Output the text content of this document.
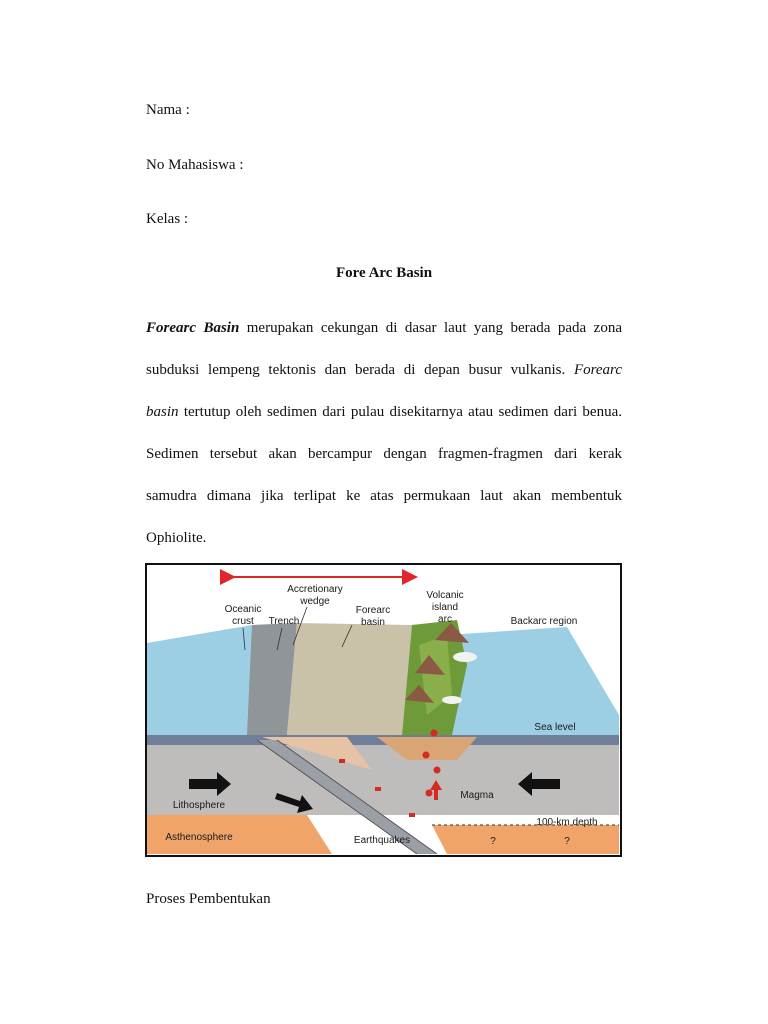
Nama :
No Mahasiswa :
Kelas :
Fore Arc Basin
Forearc Basin merupakan cekungan di dasar laut yang berada pada zona
subduksi lempeng tektonis dan berada di depan busur vulkanis. Forearc
basin tertutup oleh sedimen dari pulau disekitarnya atau sedimen dari benua.
Sedimen tersebut akan bercampur dengan fragmen-fragmen dari kerak
samudra dimana jika terlipat ke atas permukaan laut akan membentuk
Ophiolite.
Accretionary
wedge
Oceanic
crust Trench
Forearc
basin
Volcanic
island
arc	Backarc region
Sea level
Lithosphere
Magma
100-km depth
Asthenosphere	Earthquakes	?	?
Proses Pembentukan
